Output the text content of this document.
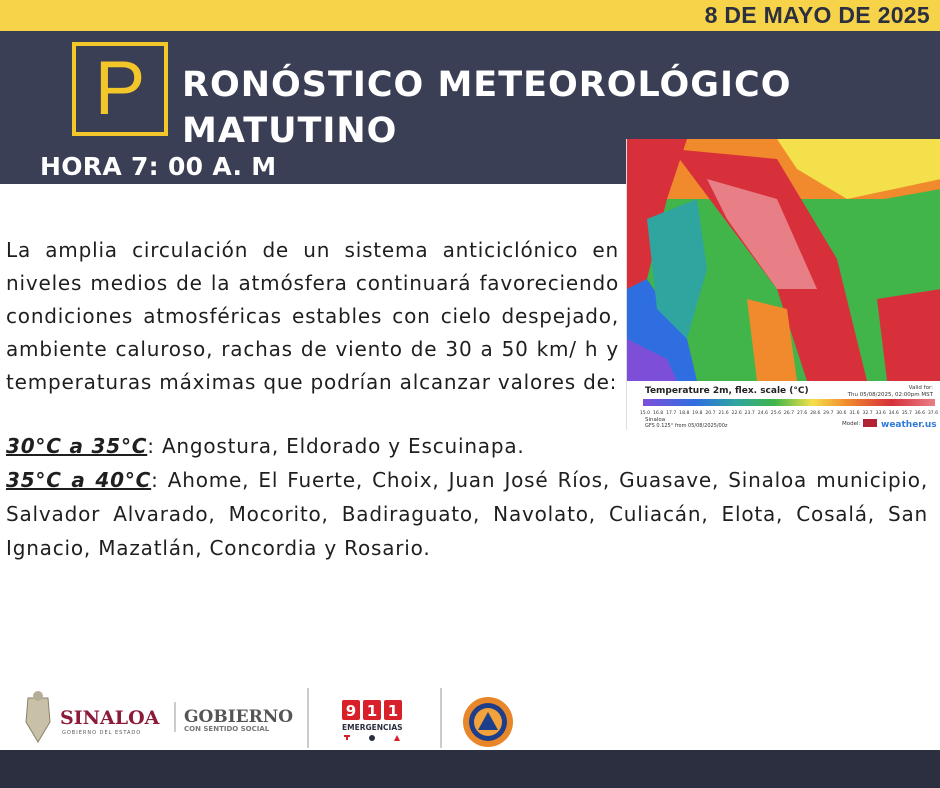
8 DE MAYO DE 2025
P	RONÓSTICO METEOROLÓGICO
MATUTINO
HORA 7: 00 A. M
Temperature 2m, flex. scale (°C)	Valid for:
Thu 05/08/2025, 02:00pm MST
15.0 16.8 17.7 18.8 19.8 20.7 21.6 22.6 23.7 24.6 25.6 26.7 27.6 28.6 29.7 30.6 31.6 32.7 33.6 34.6 35.7 36.6 37.6
Sinaloa
GFS 0.125° from 05/08/2025/00z	Model: weather.us

La amplia circulación de un sistema anticiclónico en niveles medios de la atmósfera continuará favoreciendo condiciones atmosféricas estables con cielo despejado, ambiente caluroso, rachas de viento de 30 a 50 km/ h y temperaturas máximas que podrían alcanzar valores de:

30°C a 35°C: Angostura, Eldorado y Escuinapa.
35°C a 40°C: Ahome, El Fuerte, Choix, Juan José Ríos, Guasave, Sinaloa municipio, Salvador Alvarado, Mocorito, Badiraguato, Navolato, Culiacán, Elota, Cosalá, San Ignacio, Mazatlán, Concordia y Rosario.
SINALOA
GOBIERNO DEL ESTADO
GOBIERNO
CON SENTIDO SOCIAL
9 1 1
EMERGENCIAS
